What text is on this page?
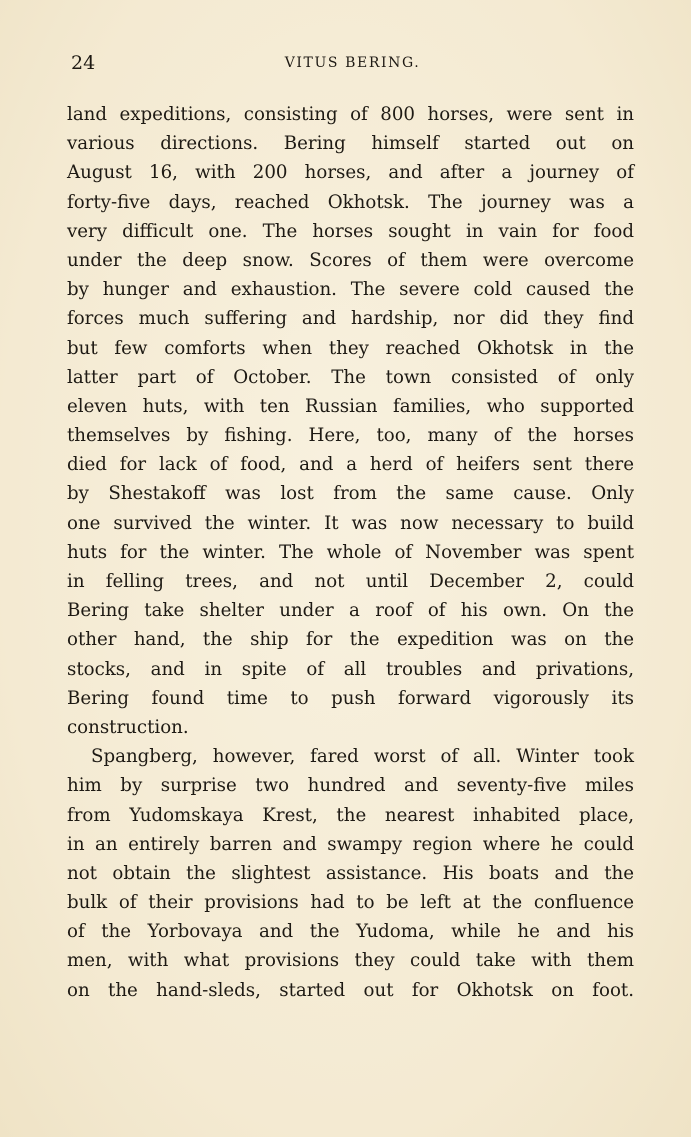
24	VITUS BERING.
land expeditions, consisting of 800 horses, were sent in
various directions. Bering himself started out on
August 16, with 200 horses, and after a journey of
forty-five days, reached Okhotsk. The journey was a
very difficult one. The horses sought in vain for food
under the deep snow. Scores of them were overcome
by hunger and exhaustion. The severe cold caused the
forces much suffering and hardship, nor did they find
but few comforts when they reached Okhotsk in the
latter part of October. The town consisted of only
eleven huts, with ten Russian families, who supported
themselves by fishing. Here, too, many of the horses
died for lack of food, and a herd of heifers sent there
by Shestakoff was lost from the same cause. Only
one survived the winter. It was now necessary to build
huts for the winter. The whole of November was spent
in felling trees, and not until December 2, could
Bering take shelter under a roof of his own. On the
other hand, the ship for the expedition was on the
stocks, and in spite of all troubles and privations,
Bering found time to push forward vigorously its
construction.
Spangberg, however, fared worst of all. Winter took
him by surprise two hundred and seventy-five miles
from Yudomskaya Krest, the nearest inhabited place,
in an entirely barren and swampy region where he could
not obtain the slightest assistance. His boats and the
bulk of their provisions had to be left at the confluence
of the Yorbovaya and the Yudoma, while he and his
men, with what provisions they could take with them
on the hand-sleds, started out for Okhotsk on foot.
